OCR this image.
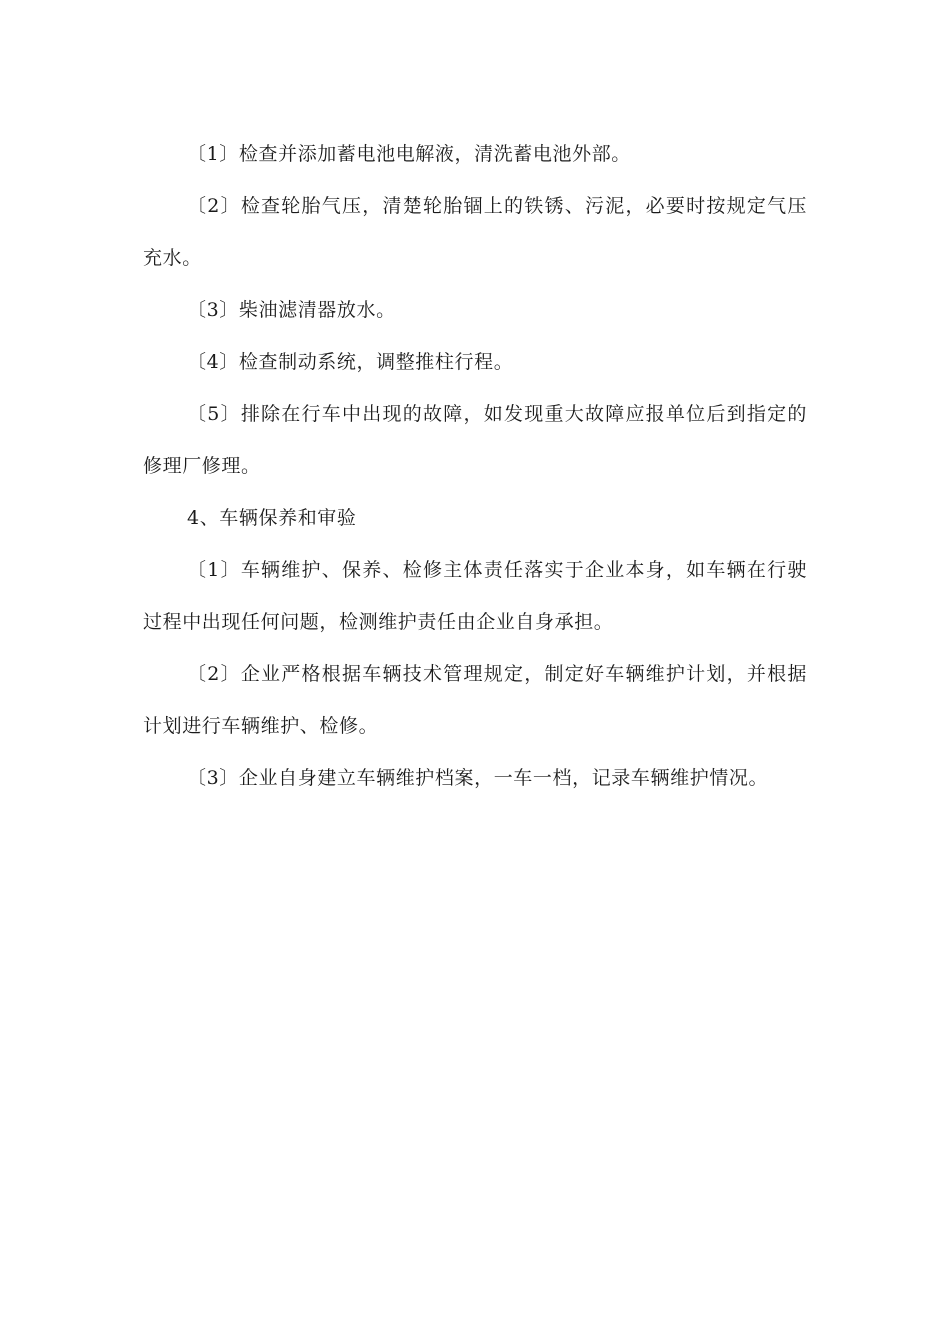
〔1〕检查并添加蓄电池电解液，清洗蓄电池外部。

〔2〕检查轮胎气压，清楚轮胎锢上的铁锈、污泥，必要时按规定气压充水。

〔3〕柴油滤清器放水。

〔4〕检查制动系统，调整推柱行程。

〔5〕排除在行车中出现的故障，如发现重大故障应报单位后到指定的修理厂修理。

4、车辆保养和审验

〔1〕车辆维护、保养、检修主体责任落实于企业本身，如车辆在行驶过程中出现任何问题，检测维护责任由企业自身承担。

〔2〕企业严格根据车辆技术管理规定，制定好车辆维护计划，并根据计划进行车辆维护、检修。

〔3〕企业自身建立车辆维护档案，一车一档，记录车辆维护情况。
